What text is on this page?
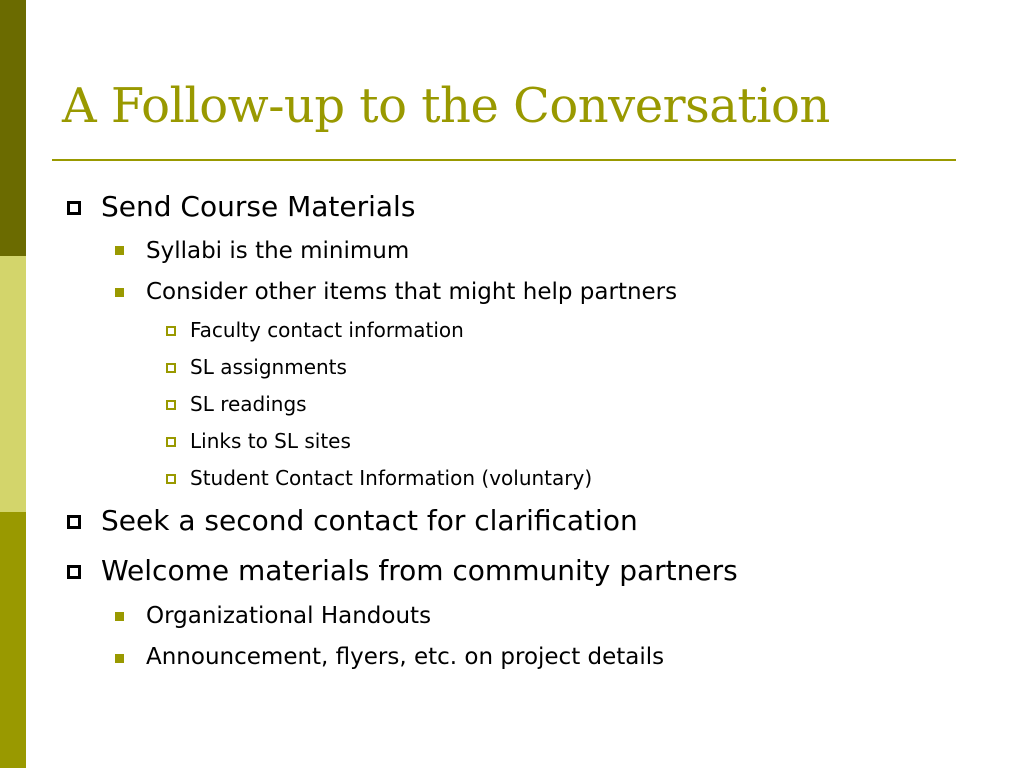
A Follow-up to the Conversation
Send Course Materials
Syllabi is the minimum
Consider other items that might help partners
Faculty contact information
SL assignments
SL readings
Links to SL sites
Student Contact Information (voluntary)
Seek a second contact for clarification
Welcome materials from community partners
Organizational Handouts
Announcement, flyers, etc. on project details
